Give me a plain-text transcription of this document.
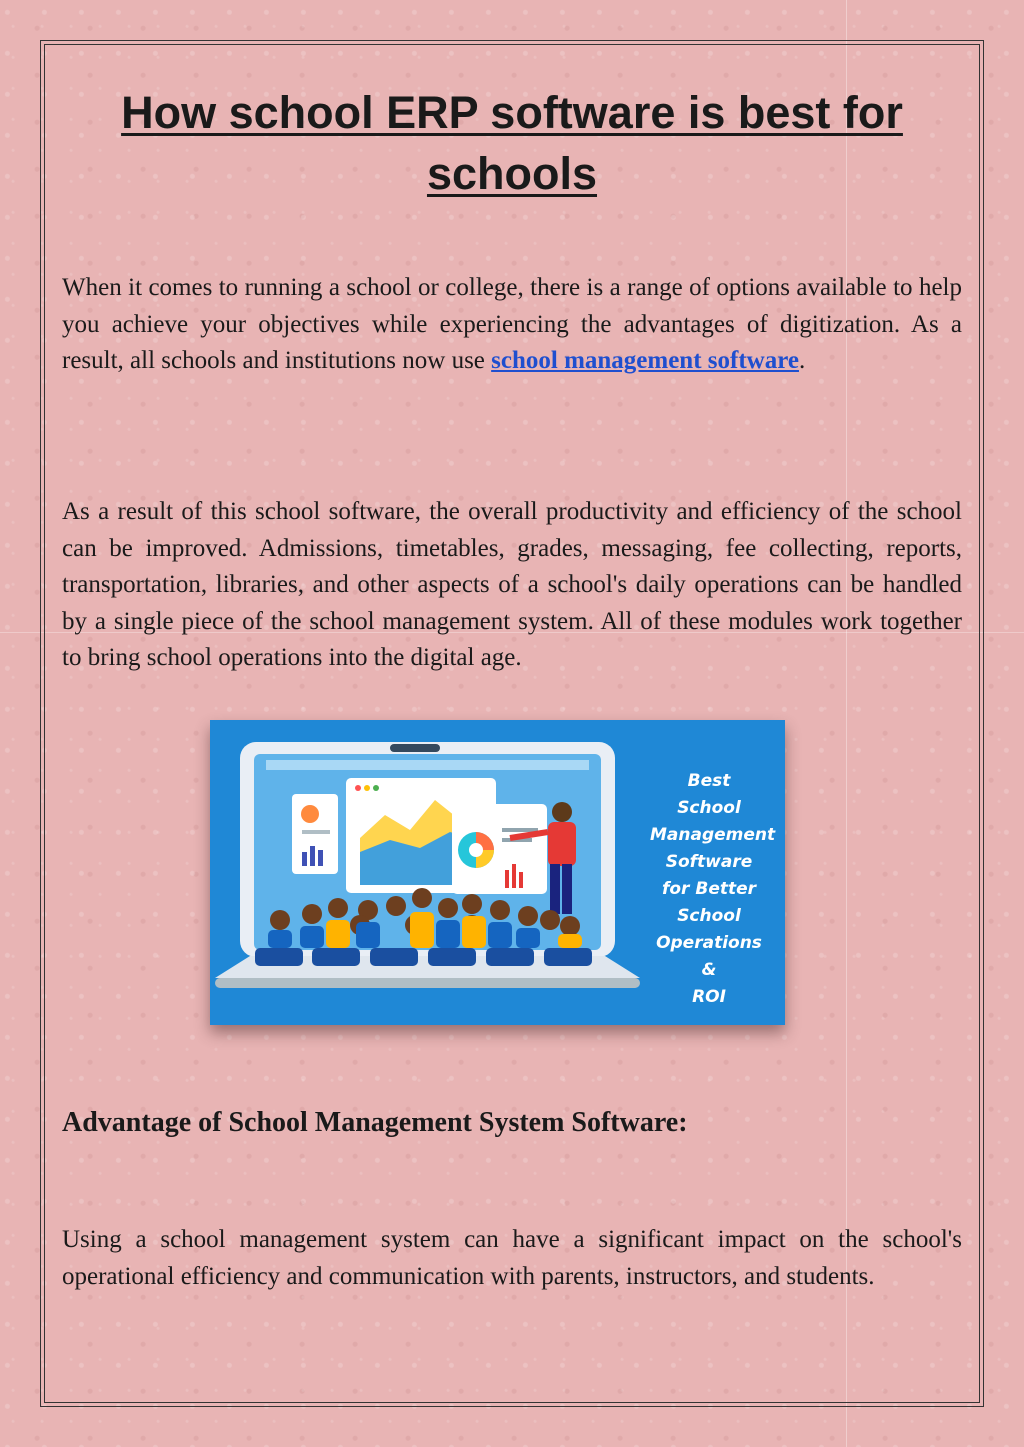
How school ERP software is best for schools

When it comes to running a school or college, there is a range of options available to help you achieve your objectives while experiencing the advantages of digitization. As a result, all schools and institutions now use school management software.

As a result of this school software, the overall productivity and efficiency of the school can be improved. Admissions, timetables, grades, messaging, fee collecting, reports, transportation, libraries, and other aspects of a school's daily operations can be handled by a single piece of the school management system. All of these modules work together to bring school operations into the digital age.

Best
School
Management
Software
for Better
School
Operations &
ROI

Advantage of School Management System Software:

Using a school management system can have a significant impact on the school's operational efficiency and communication with parents, instructors, and students.
